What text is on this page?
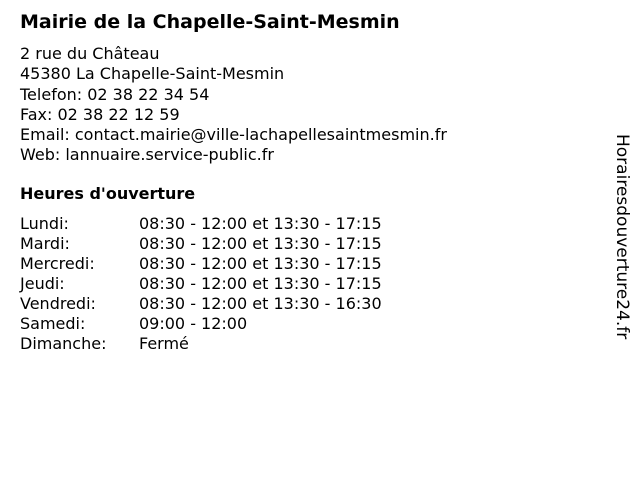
Mairie de la Chapelle-Saint-Mesmin
2 rue du Château
45380 La Chapelle-Saint-Mesmin
Telefon: 02 38 22 34 54
Fax: 02 38 22 12 59
Email: contact.mairie@ville-lachapellesaintmesmin.fr
Web: lannuaire.service-public.fr
Heures d'ouverture
Lundi:	08:30 - 12:00 et 13:30 - 17:15
Mardi:	08:30 - 12:00 et 13:30 - 17:15
Mercredi:	08:30 - 12:00 et 13:30 - 17:15
Jeudi:	08:30 - 12:00 et 13:30 - 17:15
Vendredi:	08:30 - 12:00 et 13:30 - 16:30
Samedi:	09:00 - 12:00
Dimanche: Fermé
Horairesdouverture24.fr
